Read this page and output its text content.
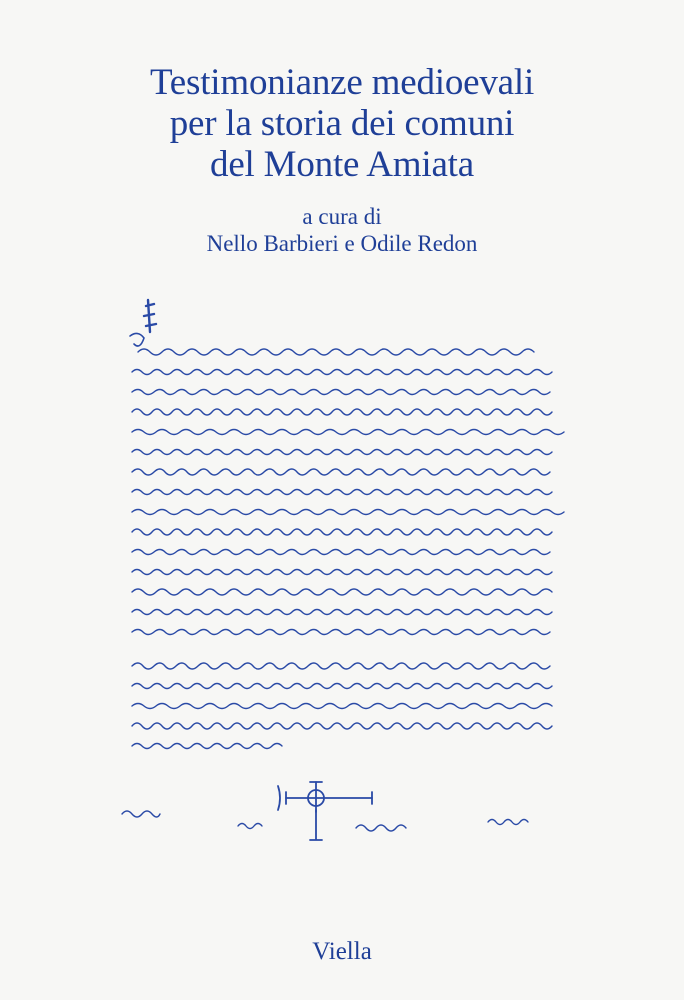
Testimonianze medioevali
per la storia dei comuni
del Monte Amiata
a cura di
Nello Barbieri e Odile Redon
Viella
